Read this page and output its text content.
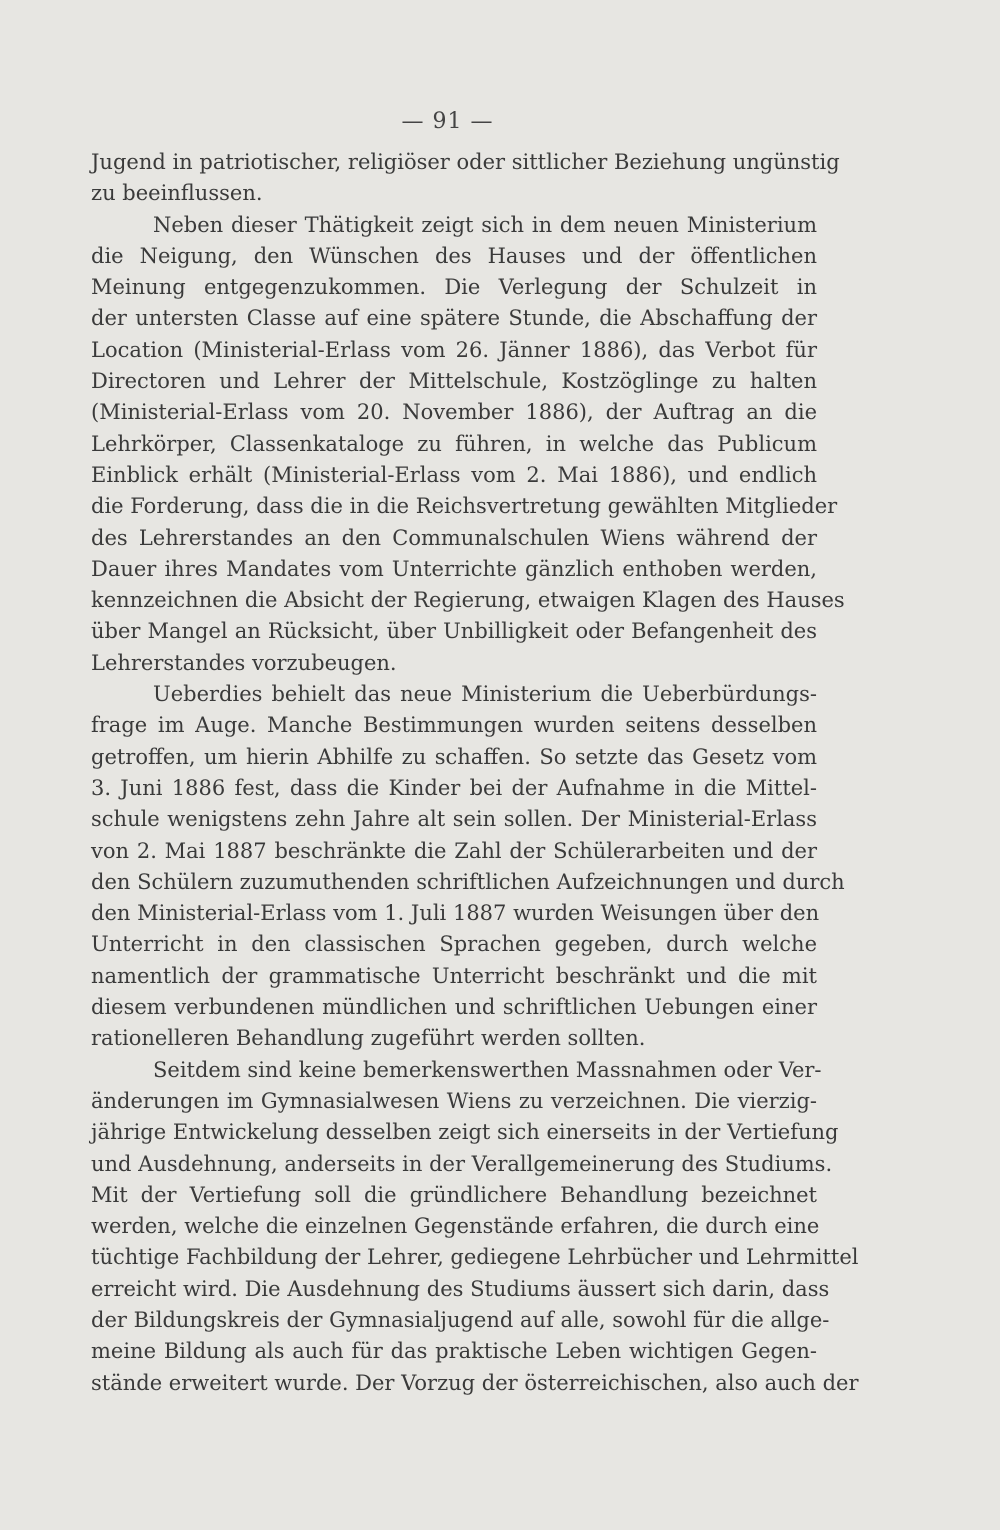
— 91 —
Jugend in patriotischer, religiöser oder sittlicher Beziehung ungünstig
zu beeinflussen.
Neben dieser Thätigkeit zeigt sich in dem neuen Ministerium
die Neigung, den Wünschen des Hauses und der öffentlichen
Meinung entgegenzukommen. Die Verlegung der Schulzeit in
der untersten Classe auf eine spätere Stunde, die Abschaffung der
Location (Ministerial-Erlass vom 26. Jänner 1886), das Verbot für
Directoren und Lehrer der Mittelschule, Kostzöglinge zu halten
(Ministerial-Erlass vom 20. November 1886), der Auftrag an die
Lehrkörper, Classenkataloge zu führen, in welche das Publicum
Einblick erhält (Ministerial-Erlass vom 2. Mai 1886), und endlich
die Forderung, dass die in die Reichsvertretung gewählten Mitglieder
des Lehrerstandes an den Communalschulen Wiens während der
Dauer ihres Mandates vom Unterrichte gänzlich enthoben werden,
kennzeichnen die Absicht der Regierung, etwaigen Klagen des Hauses
über Mangel an Rücksicht, über Unbilligkeit oder Befangenheit des
Lehrerstandes vorzubeugen.
Ueberdies behielt das neue Ministerium die Ueberbürdungs-
frage im Auge. Manche Bestimmungen wurden seitens desselben
getroffen, um hierin Abhilfe zu schaffen. So setzte das Gesetz vom
3. Juni 1886 fest, dass die Kinder bei der Aufnahme in die Mittel-
schule wenigstens zehn Jahre alt sein sollen. Der Ministerial-Erlass
von 2. Mai 1887 beschränkte die Zahl der Schülerarbeiten und der
den Schülern zuzumuthenden schriftlichen Aufzeichnungen und durch
den Ministerial-Erlass vom 1. Juli 1887 wurden Weisungen über den
Unterricht in den classischen Sprachen gegeben, durch welche
namentlich der grammatische Unterricht beschränkt und die mit
diesem verbundenen mündlichen und schriftlichen Uebungen einer
rationelleren Behandlung zugeführt werden sollten.
Seitdem sind keine bemerkenswerthen Massnahmen oder Ver-
änderungen im Gymnasialwesen Wiens zu verzeichnen. Die vierzig-
jährige Entwickelung desselben zeigt sich einerseits in der Vertiefung
und Ausdehnung, anderseits in der Verallgemeinerung des Studiums.
Mit der Vertiefung soll die gründlichere Behandlung bezeichnet
werden, welche die einzelnen Gegenstände erfahren, die durch eine
tüchtige Fachbildung der Lehrer, gediegene Lehrbücher und Lehrmittel
erreicht wird. Die Ausdehnung des Studiums äussert sich darin, dass
der Bildungskreis der Gymnasialjugend auf alle, sowohl für die allge-
meine Bildung als auch für das praktische Leben wichtigen Gegen-
stände erweitert wurde. Der Vorzug der österreichischen, also auch der
